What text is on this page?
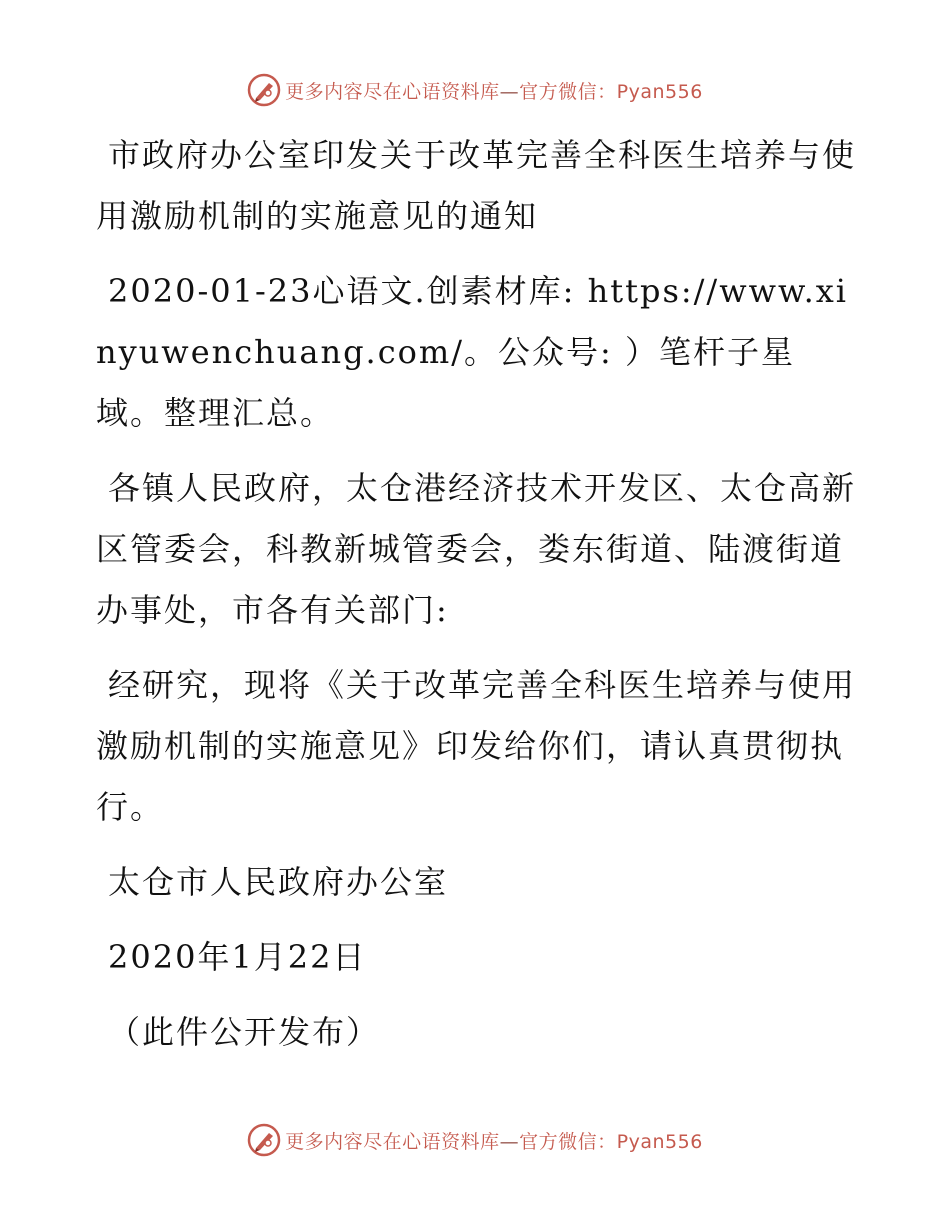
更多内容尽在心语资料库—官方微信：Pyan556

市政府办公室印发关于改革完善全科医生培养与使用激励机制的实施意见的通知

2020-01-23心语文.创素材库: https://www.xinyuwenchuang.com/。公众号: ）笔杆子星域。整理汇总。

各镇人民政府，太仓港经济技术开发区、太仓高新区管委会，科教新城管委会，娄东街道、陆渡街道办事处，市各有关部门:

经研究，现将《关于改革完善全科医生培养与使用激励机制的实施意见》印发给你们，请认真贯彻执行。

太仓市人民政府办公室

2020年1月22日

（此件公开发布）

更多内容尽在心语资料库—官方微信：Pyan556
